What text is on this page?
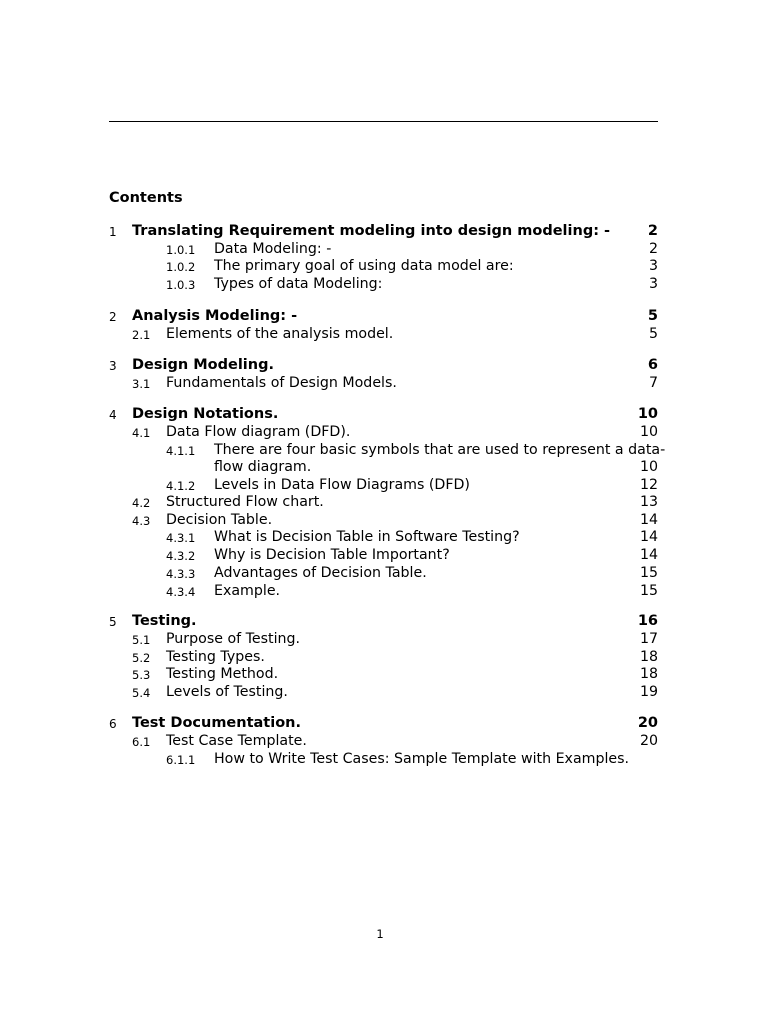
Contents
1 Translating Requirement modeling into design modeling: -	2
1.0.1 Data Modeling: -	2
1.0.2 The primary goal of using data model are:	3
1.0.3 Types of data Modeling:	3
2 Analysis Modeling: -	5
2.1 Elements of the analysis model.	5
3 Design Modeling.	6
3.1 Fundamentals of Design Models.	7
4 Design Notations.	10
4.1 Data Flow diagram (DFD).	10
4.1.1 There are four basic symbols that are used to represent a data-
flow diagram.	10
4.1.2 Levels in Data Flow Diagrams (DFD)	12
4.2 Structured Flow chart.	13
4.3 Decision Table.	14
4.3.1 What is Decision Table in Software Testing?	14
4.3.2 Why is Decision Table Important?	14
4.3.3 Advantages of Decision Table.	15
4.3.4 Example.	15
5 Testing.	16
5.1 Purpose of Testing.	17
5.2 Testing Types.	18
5.3 Testing Method.	18
5.4 Levels of Testing.	19
6 Test Documentation.	20
6.1 Test Case Template.	20
6.1.1 How to Write Test Cases: Sample Template with Examples.
1
